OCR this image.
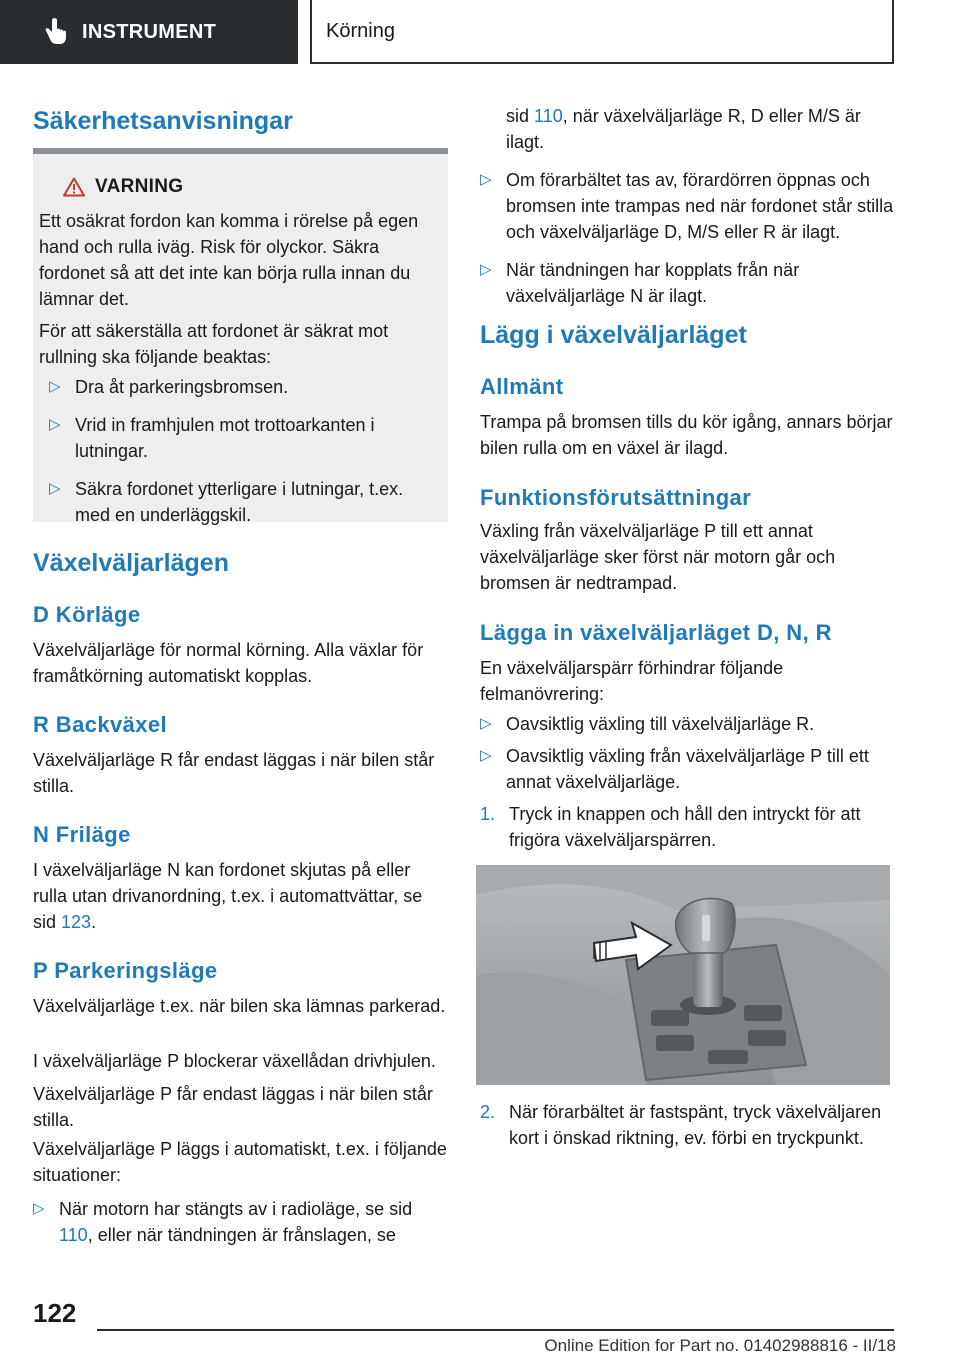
INSTRUMENT	Körning
Säkerhetsanvisningar
VARNING

Ett osäkrat fordon kan komma i rörelse på egen hand och rulla iväg. Risk för olyckor. Säkra fordonet så att det inte kan börja rulla innan du lämnar det.

För att säkerställa att fordonet är säkrat mot rullning ska följande beaktas:

▷ Dra åt parkeringsbromsen.
▷ Vrid in framhjulen mot trottoarkanten i lutningar.
▷ Säkra fordonet ytterligare i lutningar, t.ex. med en underläggskil.
Växelväljarlägen
D Körläge

Växelväljarläge för normal körning. Alla växlar för framåtkörning automatiskt kopplas.

R Backväxel

Växelväljarläge R får endast läggas i när bilen står stilla.

N Friläge

I växelväljarläge N kan fordonet skjutas på eller rulla utan drivanordning, t.ex. i automattvättar, se sid 123.

P Parkeringsläge

Växelväljarläge t.ex. när bilen ska lämnas parkerad.

I växelväljarläge P blockerar växellådan drivhjulen.

Växelväljarläge P får endast läggas i när bilen står stilla.

Växelväljarläge P läggs i automatiskt, t.ex. i följande situationer:

▷ När motorn har stängts av i radioläge, se sid 110, eller när tändningen är frånslagen, se
sid 110, när växelväljarläge R, D eller M/S är ilagt.
▷ Om förarbältet tas av, förardörren öppnas och bromsen inte trampas ned när fordonet står stilla och växelväljarläge D, M/S eller R är ilagt.
▷ När tändningen har kopplats från när växelväljarläge N är ilagt.
Lägg i växelväljarläget
Allmänt

Trampa på bromsen tills du kör igång, annars börjar bilen rulla om en växel är ilagd.

Funktionsförutsättningar

Växling från växelväljarläge P till ett annat växelväljarläge sker först när motorn går och bromsen är nedtrampad.

Lägga in växelväljarläget D, N, R

En växelväljarspärr förhindrar följande felmanövrering:

▷ Oavsiktlig växling till växelväljarläge R.
▷ Oavsiktlig växling från växelväljarläge P till ett annat växelväljarläge.
1. Tryck in knappen och håll den intryckt för att frigöra växelväljarspärren.
2. När förarbältet är fastspänt, tryck växelväljaren kort i önskad riktning, ev. förbi en tryckpunkt.
122
Online Edition for Part no. 01402988816 - II/18
